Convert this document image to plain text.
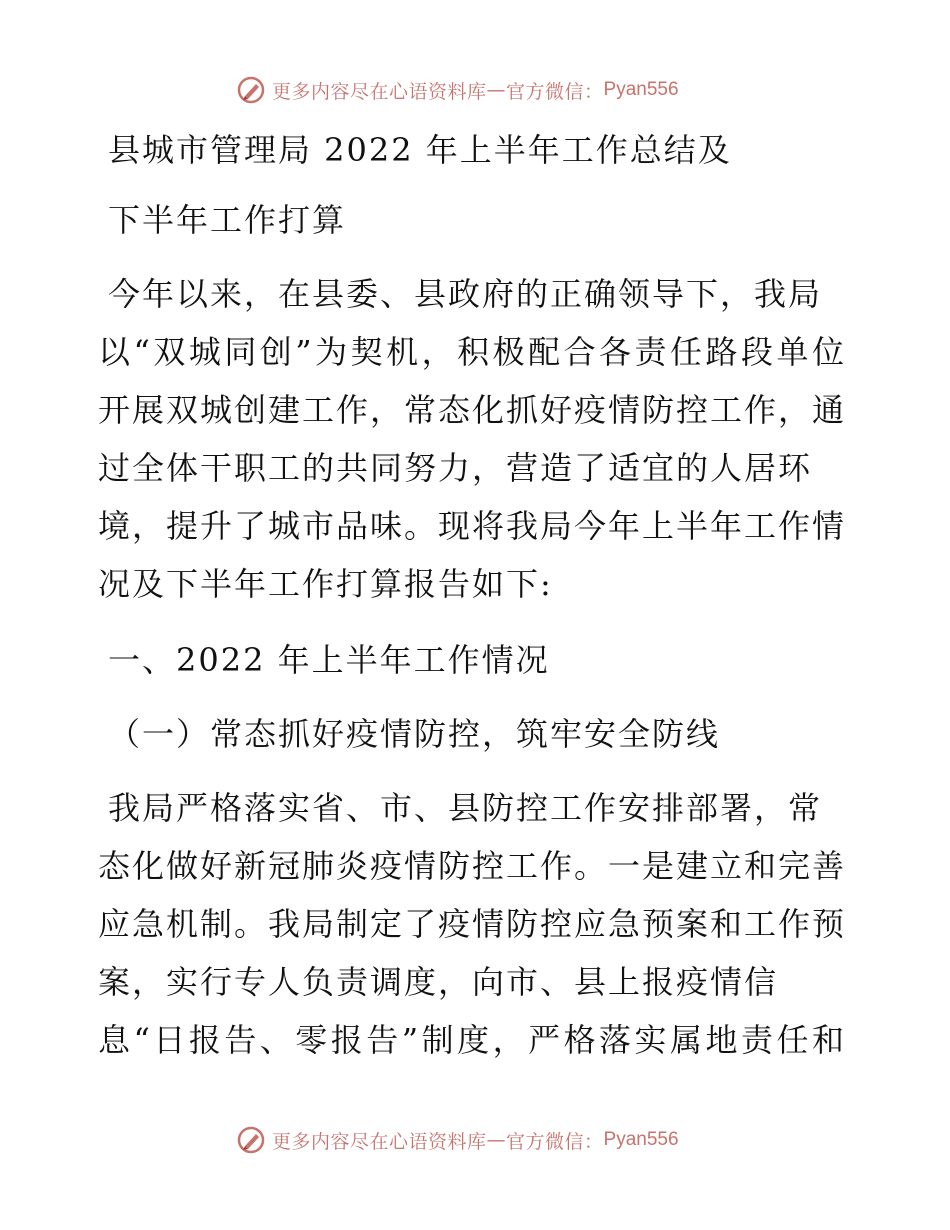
更多内容尽在心语资料库 — 官方微信： Pyan556
县城市管理局 2022 年上半年工作总结及
下半年工作打算
今年以来，在县委、县政府的正确领导下，我局
以“双城同创”为契机，积极配合各责任路段单位
开展双城创建工作，常态化抓好疫情防控工作，通
过全体干职工的共同努力，营造了适宜的人居环
境，提升了城市品味。现将我局今年上半年工作情
况及下半年工作打算报告如下:
一、2022 年上半年工作情况
（一）常态抓好疫情防控，筑牢安全防线
我局严格落实省、市、县防控工作安排部署，常
态化做好新冠肺炎疫情防控工作。一是建立和完善
应急机制。我局制定了疫情防控应急预案和工作预
案，实行专人负责调度，向市、县上报疫情信
息“日报告、零报告”制度，严格落实属地责任和
更多内容尽在心语资料库 — 官方微信： Pyan556
